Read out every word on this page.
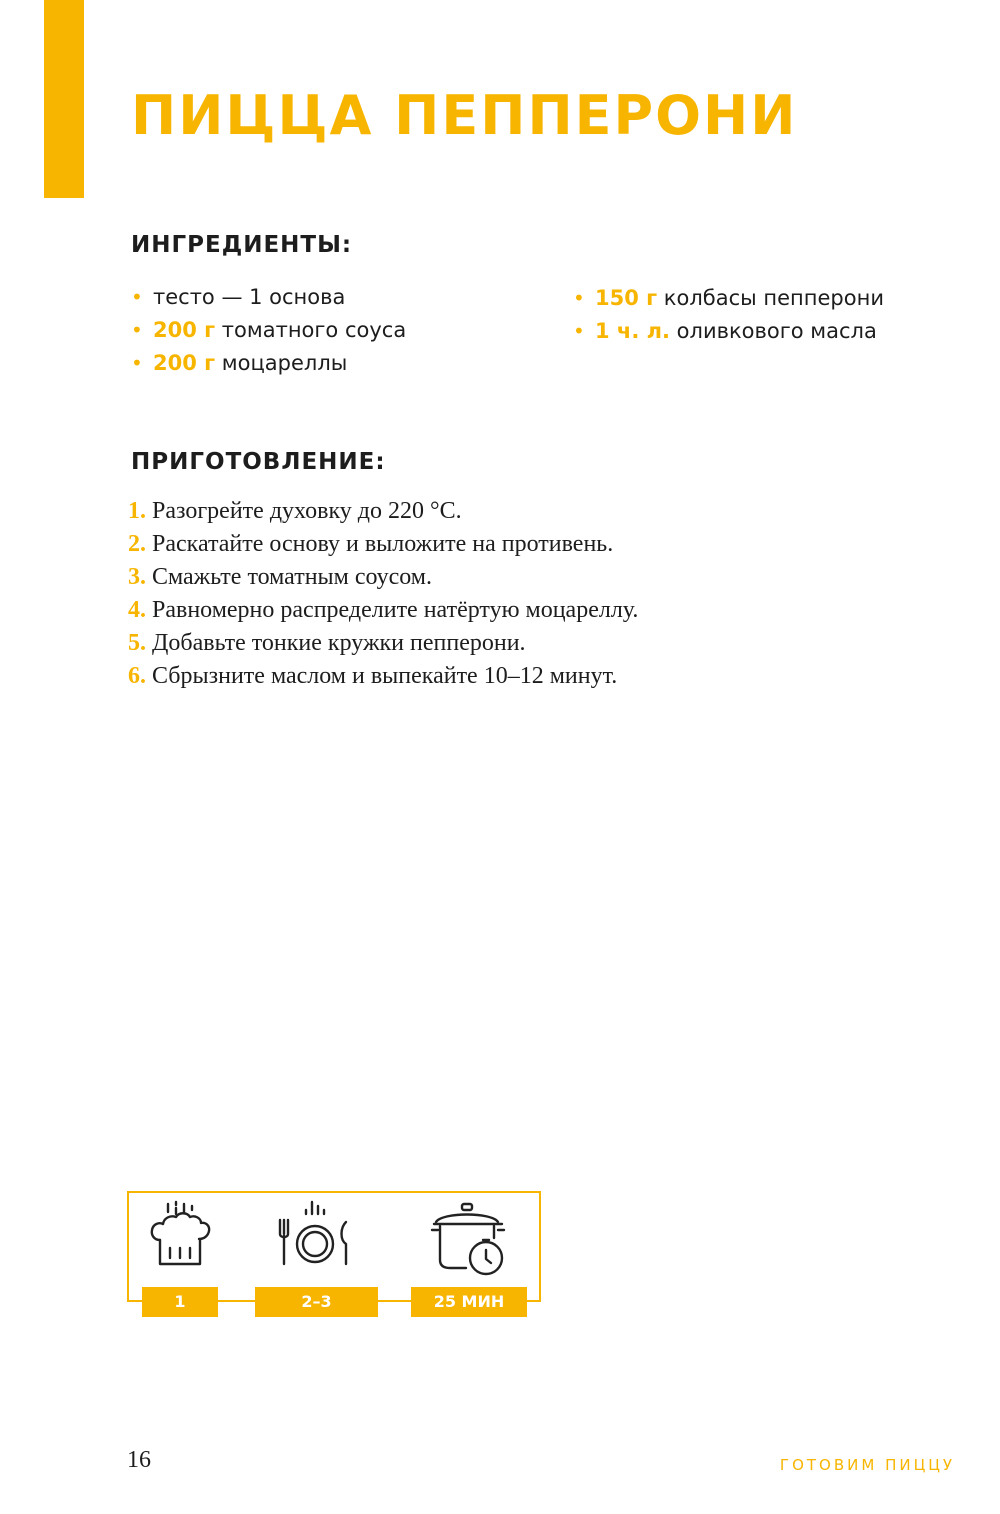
ПИЦЦА ПЕППЕРОНИ
ИНГРЕДИЕНТЫ:
• тесто — 1 основа
• 200 г томатного соуса
• 200 г моцареллы
• 150 г колбасы пепперони
• 1 ч. л. оливкового масла
ПРИГОТОВЛЕНИЕ:
1. Разогрейте духовку до 220 °C.
2. Раскатайте основу и выложите на противень.
3. Смажьте томатным соусом.
4. Равномерно распределите натёртую моцареллу.
5. Добавьте тонкие кружки пепперони.
6. Сбрызните маслом и выпекайте 10–12 минут.
1	2–3	25 МИН
16	ГОТОВИМ ПИЦЦУ
